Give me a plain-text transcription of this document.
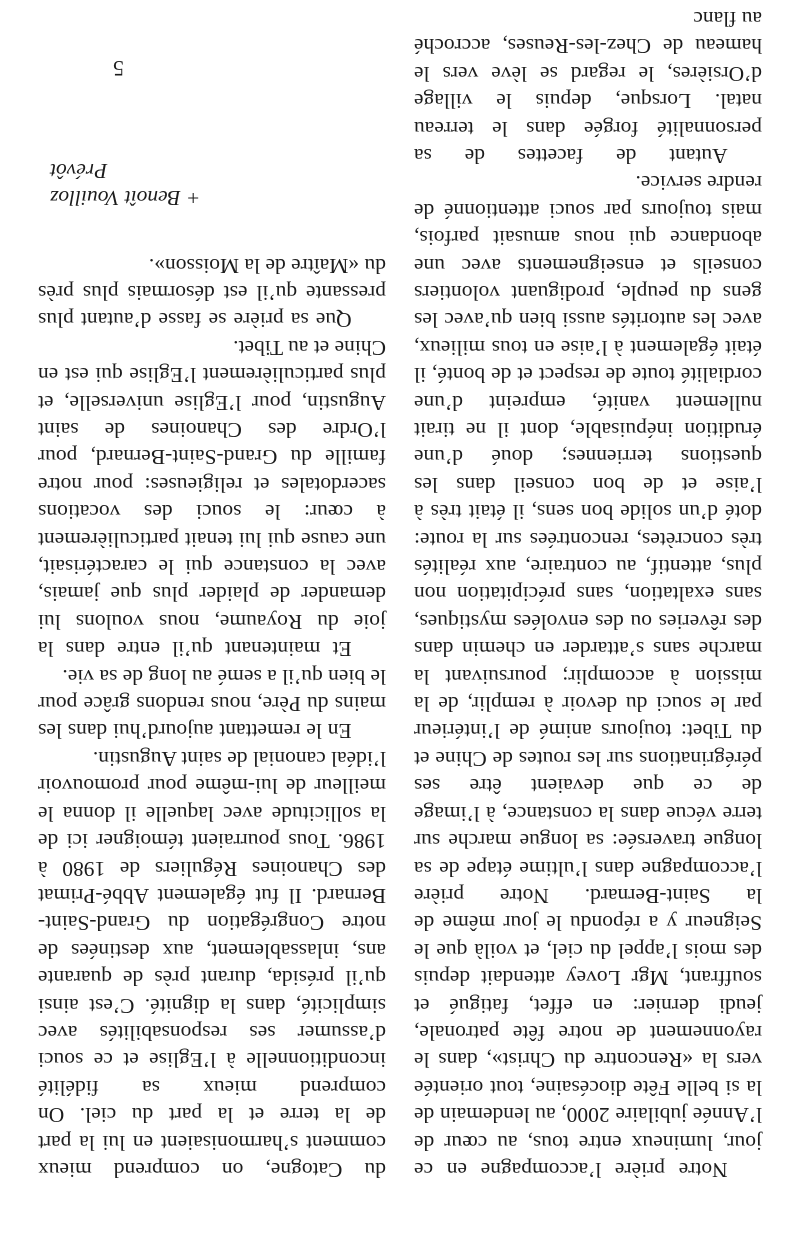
Notre prière l’accompagne en ce jour, lumineux entre tous, au cœur de l’Année jubilaire 2000, au lendemain de la si belle Fête diocésaine, tout orientée vers la «Rencontre du Christ», dans le rayonnement de notre fête patronale, jeudi dernier: en effet, fatigué et souffrant, Mgr Lovey attendait depuis des mois l’appel du ciel, et voilà que le Seigneur y a répondu le jour même de la Saint-Bernard. Notre prière l’accompagne dans l’ultime étape de sa longue traversée: sa longue marche sur terre vécue dans la constance, à l’image de ce que devaient être ses pérégrinations sur les routes de Chine et du Tibet: toujours animé de l’intérieur par le souci du devoir à remplir, de la mission à accomplir; poursuivant la marche sans s’attarder en chemin dans des rêveries ou des envolées mystiques, sans exaltation, sans précipitation non plus, attentif, au contraire, aux réalités très concrètes, rencontrées sur la route: doté d’un solide bon sens, il était très à l’aise et de bon conseil dans les questions terriennes; doué d’une érudition inépuisable, dont il ne tirait nullement vanité, empreint d’une cordialité toute de respect et de bonté, il était également à l’aise en tous milieux, avec les autorités aussi bien qu’avec les gens du peuple, prodiguant volontiers conseils et enseignements avec une abondance qui nous amusait parfois, mais toujours par souci attentionné de rendre service.

Autant de facettes de sa personnalité forgée dans le terreau natal. Lorsque, depuis le village d’Orsières, le regard se lève vers le hameau de Chez-les-Reuses, accroché au flanc

du Catogne, on comprend mieux comment s’harmonisaient en lui la part de la terre et la part du ciel. On comprend mieux sa fidélité inconditionnelle à l’Eglise et ce souci d’assumer ses responsabilités avec simplicité, dans la dignité. C’est ainsi qu’il présida, durant près de quarante ans, inlassablement, aux destinées de notre Congrégation du Grand-Saint-Bernard. Il fut également Abbé-Primat des Chanoines Réguliers de 1980 à 1986. Tous pourraient témoigner ici de la sollicitude avec laquelle il donna le meilleur de lui-même pour promouvoir l’idéal canonial de saint Augustin.

En le remettant aujourd’hui dans les mains du Père, nous rendons grâce pour le bien qu’il a semé au long de sa vie.

Et maintenant qu’il entre dans la joie du Royaume, nous voulons lui demander de plaider plus que jamais, avec la constance qui le caractérisait, une cause qui lui tenait particulièrement à cœur: le souci des vocations sacerdotales et religieuses: pour notre famille du Grand-Saint-Bernard, pour l’Ordre des Chanoines de saint Augustin, pour l’Eglise universelle, et plus particulièrement l’Eglise qui est en Chine et au Tibet.

Que sa prière se fasse d’autant plus pressante qu’il est désormais plus près du «Maître de la Moisson».

+ Benoît Vouilloz
Prévôt
5
